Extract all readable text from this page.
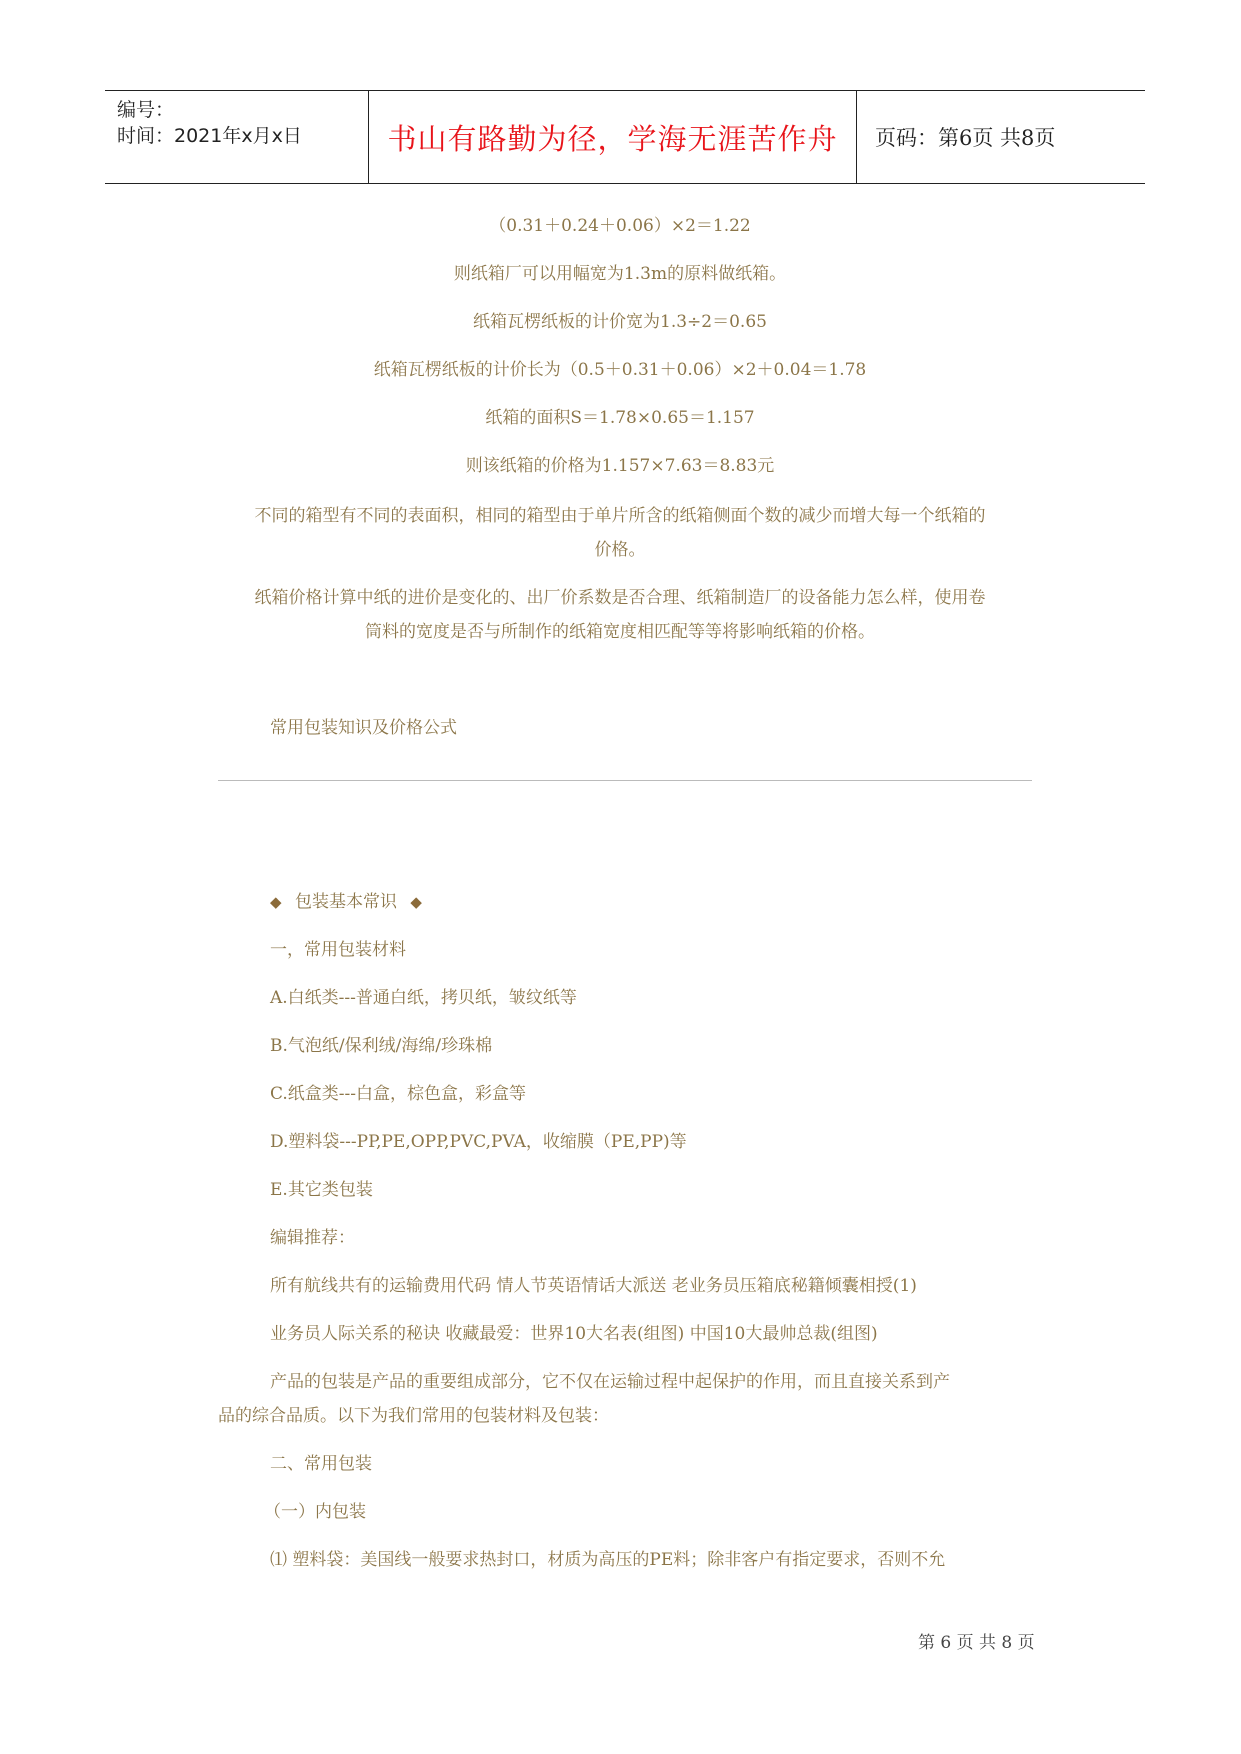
编号：
时间：2021年x月x日	书山有路勤为径，学海无涯苦作舟	页码：第6页 共8页
（0.31＋0.24＋0.06）×2＝1.22
则纸箱厂可以用幅宽为1.3m的原料做纸箱。
纸箱瓦楞纸板的计价宽为1.3÷2＝0.65
纸箱瓦楞纸板的计价长为（0.5＋0.31＋0.06）×2＋0.04＝1.78
纸箱的面积S＝1.78×0.65＝1.157
则该纸箱的价格为1.157×7.63＝8.83元
不同的箱型有不同的表面积，相同的箱型由于单片所含的纸箱侧面个数的减少而增大每一个纸箱的
价格。
纸箱价格计算中纸的进价是变化的、出厂价系数是否合理、纸箱制造厂的设备能力怎么样，使用卷
筒料的宽度是否与所制作的纸箱宽度相匹配等等将影响纸箱的价格。
常用包装知识及价格公式
◆ 包装基本常识 ◆
一，常用包装材料
A.白纸类---普通白纸，拷贝纸，皱纹纸等
B.气泡纸/保利绒/海绵/珍珠棉
C.纸盒类---白盒，棕色盒，彩盒等
D.塑料袋---PP,PE,OPP,PVC,PVA，收缩膜（PE,PP)等
E.其它类包装
编辑推荐：
所有航线共有的运输费用代码 情人节英语情话大派送 老业务员压箱底秘籍倾囊相授(1)
业务员人际关系的秘诀 收藏最爱：世界10大名表(组图) 中国10大最帅总裁(组图)
产品的包装是产品的重要组成部分，它不仅在运输过程中起保护的作用，而且直接关系到产
品的综合品质。以下为我们常用的包装材料及包装：
二、常用包装
（一）内包装
⑴ 塑料袋：美国线一般要求热封口，材质为高压的PE料；除非客户有指定要求，否则不允
第 6 页 共 8 页
